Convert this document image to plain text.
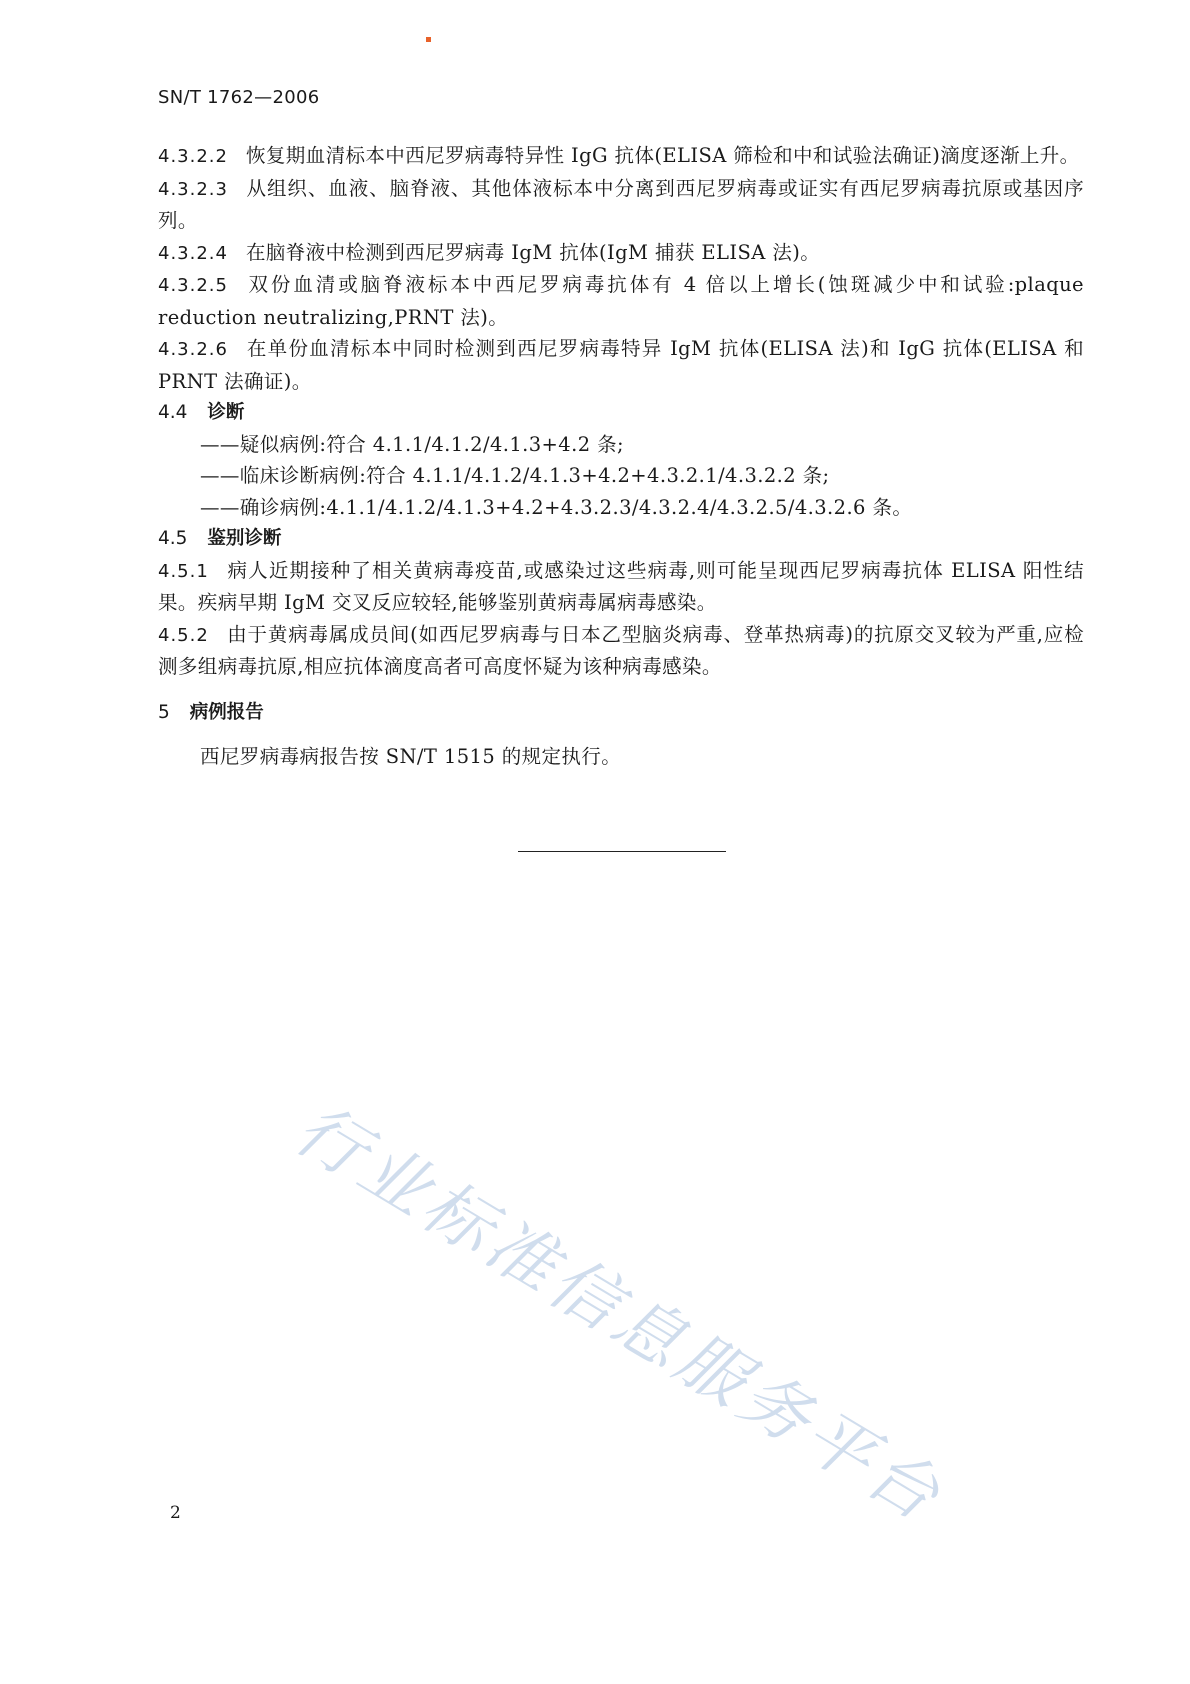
SN/T 1762—2006

4.3.2.2 恢复期血清标本中西尼罗病毒特异性 IgG 抗体(ELISA 筛检和中和试验法确证)滴度逐渐上升。

4.3.2.3 从组织、血液、脑脊液、其他体液标本中分离到西尼罗病毒或证实有西尼罗病毒抗原或基因序列。

4.3.2.4 在脑脊液中检测到西尼罗病毒 IgM 抗体(IgM 捕获 ELISA 法)。

4.3.2.5 双份血清或脑脊液标本中西尼罗病毒抗体有 4 倍以上增长(蚀斑减少中和试验:plaque reduction neutralizing,PRNT 法)。

4.3.2.6 在单份血清标本中同时检测到西尼罗病毒特异 IgM 抗体(ELISA 法)和 IgG 抗体(ELISA 和 PRNT 法确证)。

4.4 诊断

——疑似病例:符合 4.1.1/4.1.2/4.1.3+4.2 条;

——临床诊断病例:符合 4.1.1/4.1.2/4.1.3+4.2+4.3.2.1/4.3.2.2 条;

——确诊病例:4.1.1/4.1.2/4.1.3+4.2+4.3.2.3/4.3.2.4/4.3.2.5/4.3.2.6 条。

4.5 鉴别诊断

4.5.1 病人近期接种了相关黄病毒疫苗,或感染过这些病毒,则可能呈现西尼罗病毒抗体 ELISA 阳性结果。疾病早期 IgM 交叉反应较轻,能够鉴别黄病毒属病毒感染。

4.5.2 由于黄病毒属成员间(如西尼罗病毒与日本乙型脑炎病毒、登革热病毒)的抗原交叉较为严重,应检测多组病毒抗原,相应抗体滴度高者可高度怀疑为该种病毒感染。

5 病例报告

西尼罗病毒病报告按 SN/T 1515 的规定执行。

行业标准信息服务平台
2
